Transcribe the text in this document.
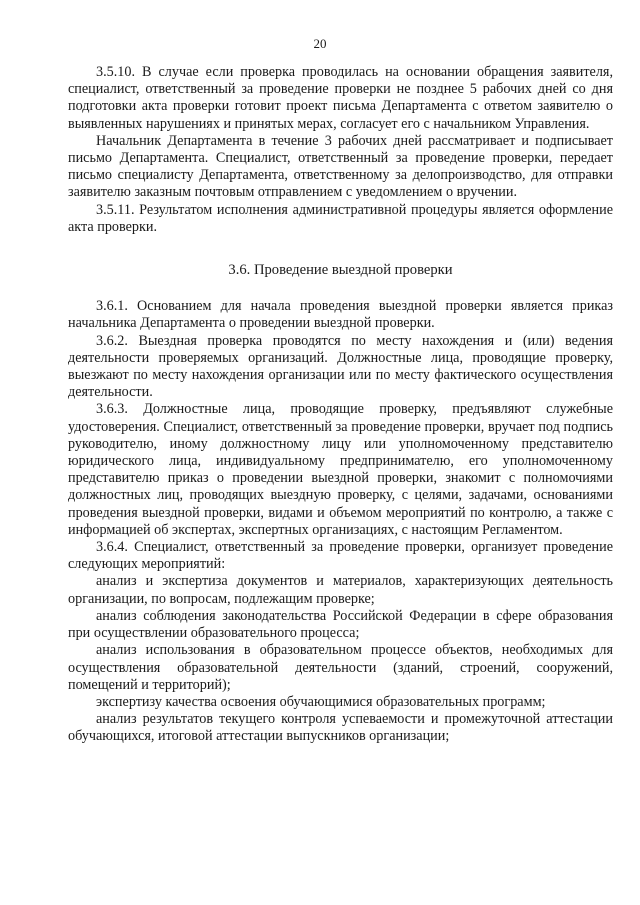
20

3.5.10. В случае если проверка проводилась на основании обращения заявителя, специалист, ответственный за проведение проверки не позднее 5 рабочих дней со дня подготовки акта проверки готовит проект письма Департамента с ответом заявителю о выявленных нарушениях и принятых мерах, согласует его с начальником Управления.

Начальник Департамента в течение 3 рабочих дней рассматривает и подписывает письмо Департамента. Специалист, ответственный за проведение проверки, передает письмо специалисту Департамента, ответственному за делопроизводство, для отправки заявителю заказным почтовым отправлением с уведомлением о вручении.

3.5.11. Результатом исполнения административной процедуры является оформление акта проверки.

3.6. Проведение выездной проверки

3.6.1. Основанием для начала проведения выездной проверки является приказ начальника Департамента о проведении выездной проверки.

3.6.2. Выездная проверка проводятся по месту нахождения и (или) ведения деятельности проверяемых организаций. Должностные лица, проводящие проверку, выезжают по месту нахождения организации или по месту фактического осуществления деятельности.

3.6.3. Должностные лица, проводящие проверку, предъявляют служебные удостоверения. Специалист, ответственный за проведение проверки, вручает под подпись руководителю, иному должностному лицу или уполномоченному представителю юридического лица, индивидуальному предпринимателю, его уполномоченному представителю приказ о проведении выездной проверки, знакомит с полномочиями должностных лиц, проводящих выездную проверку, с целями, задачами, основаниями проведения выездной проверки, видами и объемом мероприятий по контролю, а также с информацией об экспертах, экспертных организациях, с настоящим Регламентом.

3.6.4. Специалист, ответственный за проведение проверки, организует проведение следующих мероприятий:

анализ и экспертиза документов и материалов, характеризующих деятельность организации, по вопросам, подлежащим проверке;

анализ соблюдения законодательства Российской Федерации в сфере образования при осуществлении образовательного процесса;

анализ использования в образовательном процессе объектов, необходимых для осуществления образовательной деятельности (зданий, строений, сооружений, помещений и территорий);

экспертизу качества освоения обучающимися образовательных программ;

анализ результатов текущего контроля успеваемости и промежуточной аттестации обучающихся, итоговой аттестации выпускников организации;
